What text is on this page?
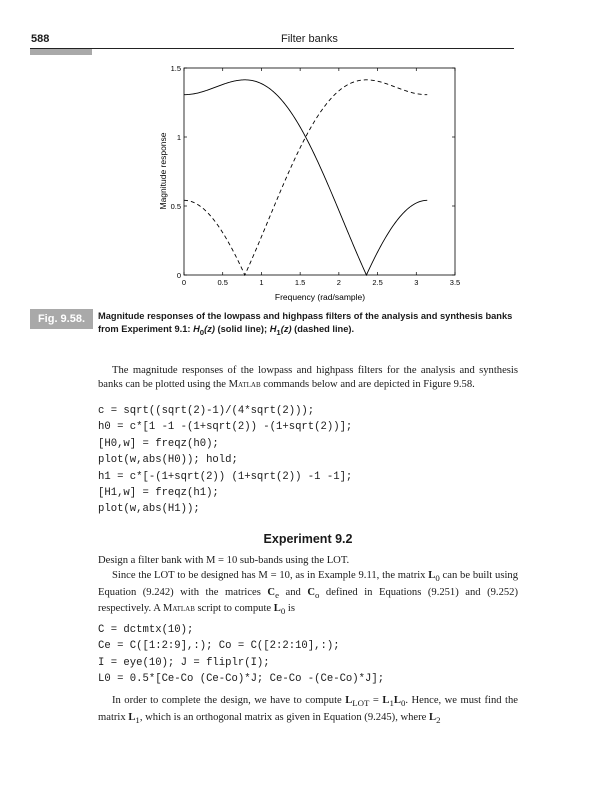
588	Filter banks
0	0.5	1	1.5	2	2.5	3	3.5
0
0.5
1
1.5
Frequency (rad/sample)
Magnitude response
Fig. 9.58.	Magnitude responses of the lowpass and highpass filters of the analysis and synthesis banks from Experiment 9.1: $H_0(z)$ (solid line); $H_1(z)$ (dashed line).
The magnitude responses of the lowpass and highpass filters for the analysis and synthesis banks can be plotted using the Matlab commands below and are depicted in Figure 9.58.
c = sqrt((sqrt(2)-1)/(4*sqrt(2)));
h0 = c*[1 -1 -(1+sqrt(2)) -(1+sqrt(2))];
[H0,w] = freqz(h0);
plot(w,abs(H0)); hold;
h1 = c*[-(1+sqrt(2)) (1+sqrt(2)) -1 -1];
[H1,w] = freqz(h1);
plot(w,abs(H1));
Experiment 9.2
Design a filter bank with M = 10 sub-bands using the LOT.
Since the LOT to be designed has M = 10, as in Example 9.11, the matrix $L_0$ can be built using Equation (9.242) with the matrices $C_e$ and $C_o$ defined in Equations (9.251) and (9.252) respectively. A Matlab script to compute $L_0$ is
C = dctmtx(10);
Ce = C([1:2:9],:); Co = C([2:2:10],:);
I = eye(10); J = fliplr(I);
L0 = 0.5*[Ce-Co (Ce-Co)*J; Ce-Co -(Ce-Co)*J];
In order to complete the design, we have to compute $L_{LOT} = L_1L_0$. Hence, we must find the matrix $L_1$, which is an orthogonal matrix as given in Equation (9.245), where $L_2$
